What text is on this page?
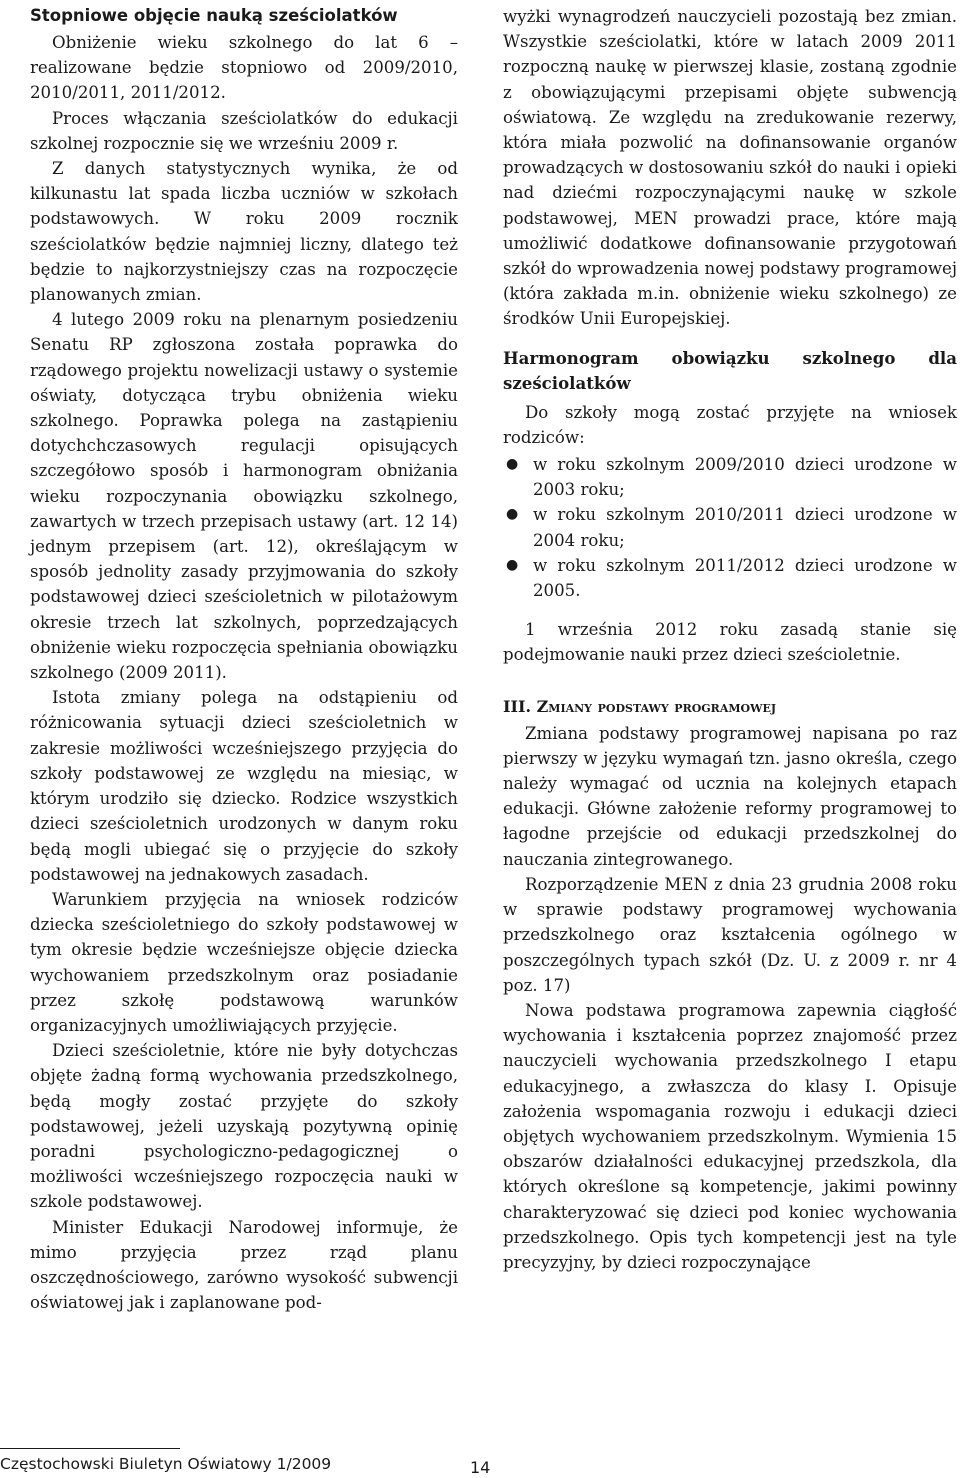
Stopniowe objęcie nauką sześciolatków

Obniżenie wieku szkolnego do lat 6 – realizowane będzie stopniowo od 2009/2010, 2010/2011, 2011/2012.

Proces włączania sześciolatków do edukacji szkolnej rozpocznie się we wrześniu 2009 r.

Z danych statystycznych wynika, że od kilkunastu lat spada liczba uczniów w szkołach podstawowych. W roku 2009 rocznik sześciolatków będzie najmniej liczny, dlatego też będzie to najkorzystniejszy czas na rozpoczęcie planowanych zmian.

4 lutego 2009 roku na plenarnym posiedzeniu Senatu RP zgłoszona została poprawka do rządowego projektu nowelizacji ustawy o systemie oświaty, dotycząca trybu obniżenia wieku szkolnego. Poprawka polega na zastąpieniu dotychchczasowych regulacji opisujących szczegółowo sposób i harmonogram obniżania wieku rozpoczynania obowiązku szkolnego, zawartych w trzech przepisach ustawy (art. 12 14) jednym przepisem (art. 12), określającym w sposób jednolity zasady przyjmowania do szkoły podstawowej dzieci sześcioletnich w pilotażowym okresie trzech lat szkolnych, poprzedzających obniżenie wieku rozpoczęcia spełniania obowiązku szkolnego (2009 2011).

Istota zmiany polega na odstąpieniu od różnicowania sytuacji dzieci sześcioletnich w zakresie możliwości wcześniejszego przyjęcia do szkoły podstawowej ze względu na miesiąc, w którym urodziło się dziecko. Rodzice wszystkich dzieci sześcioletnich urodzonych w danym roku będą mogli ubiegać się o przyjęcie do szkoły podstawowej na jednakowych zasadach.

Warunkiem przyjęcia na wniosek rodziców dziecka sześcioletniego do szkoły podstawowej w tym okresie będzie wcześniejsze objęcie dziecka wychowaniem przedszkolnym oraz posiadanie przez szkołę podstawową warunków organizacyjnych umożliwiających przyjęcie.

Dzieci sześcioletnie, które nie były dotychczas objęte żadną formą wychowania przedszkolnego, będą mogły zostać przyjęte do szkoły podstawowej, jeżeli uzyskają pozytywną opinię poradni psychologiczno-pedagogicznej o możliwości wcześniejszego rozpoczęcia nauki w szkole podstawowej.

Minister Edukacji Narodowej informuje, że mimo przyjęcia przez rząd planu oszczędnościowego, zarówno wysokość subwencji oświatowej jak i zaplanowane pod-

wyżki wynagrodzeń nauczycieli pozostają bez zmian. Wszystkie sześciolatki, które w latach 2009 2011 rozpoczną naukę w pierwszej klasie, zostaną zgodnie z obowiązującymi przepisami objęte subwencją oświatową. Ze względu na zredukowanie rezerwy, która miała pozwolić na dofinansowanie organów prowadzących w dostosowaniu szkół do nauki i opieki nad dziećmi rozpoczynającymi naukę w szkole podstawowej, MEN prowadzi prace, które mają umożliwić dodatkowe dofinansowanie przygotowań szkół do wprowadzenia nowej podstawy programowej (która zakłada m.in. obniżenie wieku szkolnego) ze środków Unii Europejskiej.

Harmonogram obowiązku szkolnego dla sześciolatków

Do szkoły mogą zostać przyjęte na wniosek rodziców:

● w roku szkolnym 2009/2010 dzieci urodzone w 2003 roku;
● w roku szkolnym 2010/2011 dzieci urodzone w 2004 roku;
● w roku szkolnym 2011/2012 dzieci urodzone w 2005.

1 września 2012 roku zasadą stanie się podejmowanie nauki przez dzieci sześcioletnie.

III. Zmiany podstawy programowej

Zmiana podstawy programowej napisana po raz pierwszy w języku wymagań tzn. jasno określa, czego należy wymagać od ucznia na kolejnych etapach edukacji. Główne założenie reformy programowej to łagodne przejście od edukacji przedszkolnej do nauczania zintegrowanego.

Rozporządzenie MEN z dnia 23 grudnia 2008 roku w sprawie podstawy programowej wychowania przedszkolnego oraz kształcenia ogólnego w poszczególnych typach szkół (Dz. U. z 2009 r. nr 4 poz. 17)

Nowa podstawa programowa zapewnia ciągłość wychowania i kształcenia poprzez znajomość przez nauczycieli wychowania przedszkolnego I etapu edukacyjnego, a zwłaszcza do klasy I. Opisuje założenia wspomagania rozwoju i edukacji dzieci objętych wychowaniem przedszkolnym. Wymienia 15 obszarów działalności edukacyjnej przedszkola, dla których określone są kompetencje, jakimi powinny charakteryzować się dzieci pod koniec wychowania przedszkolnego. Opis tych kompetencji jest na tyle precyzyjny, by dzieci rozpoczynające

Częstochowski Biuletyn Oświatowy 1/2009	14
